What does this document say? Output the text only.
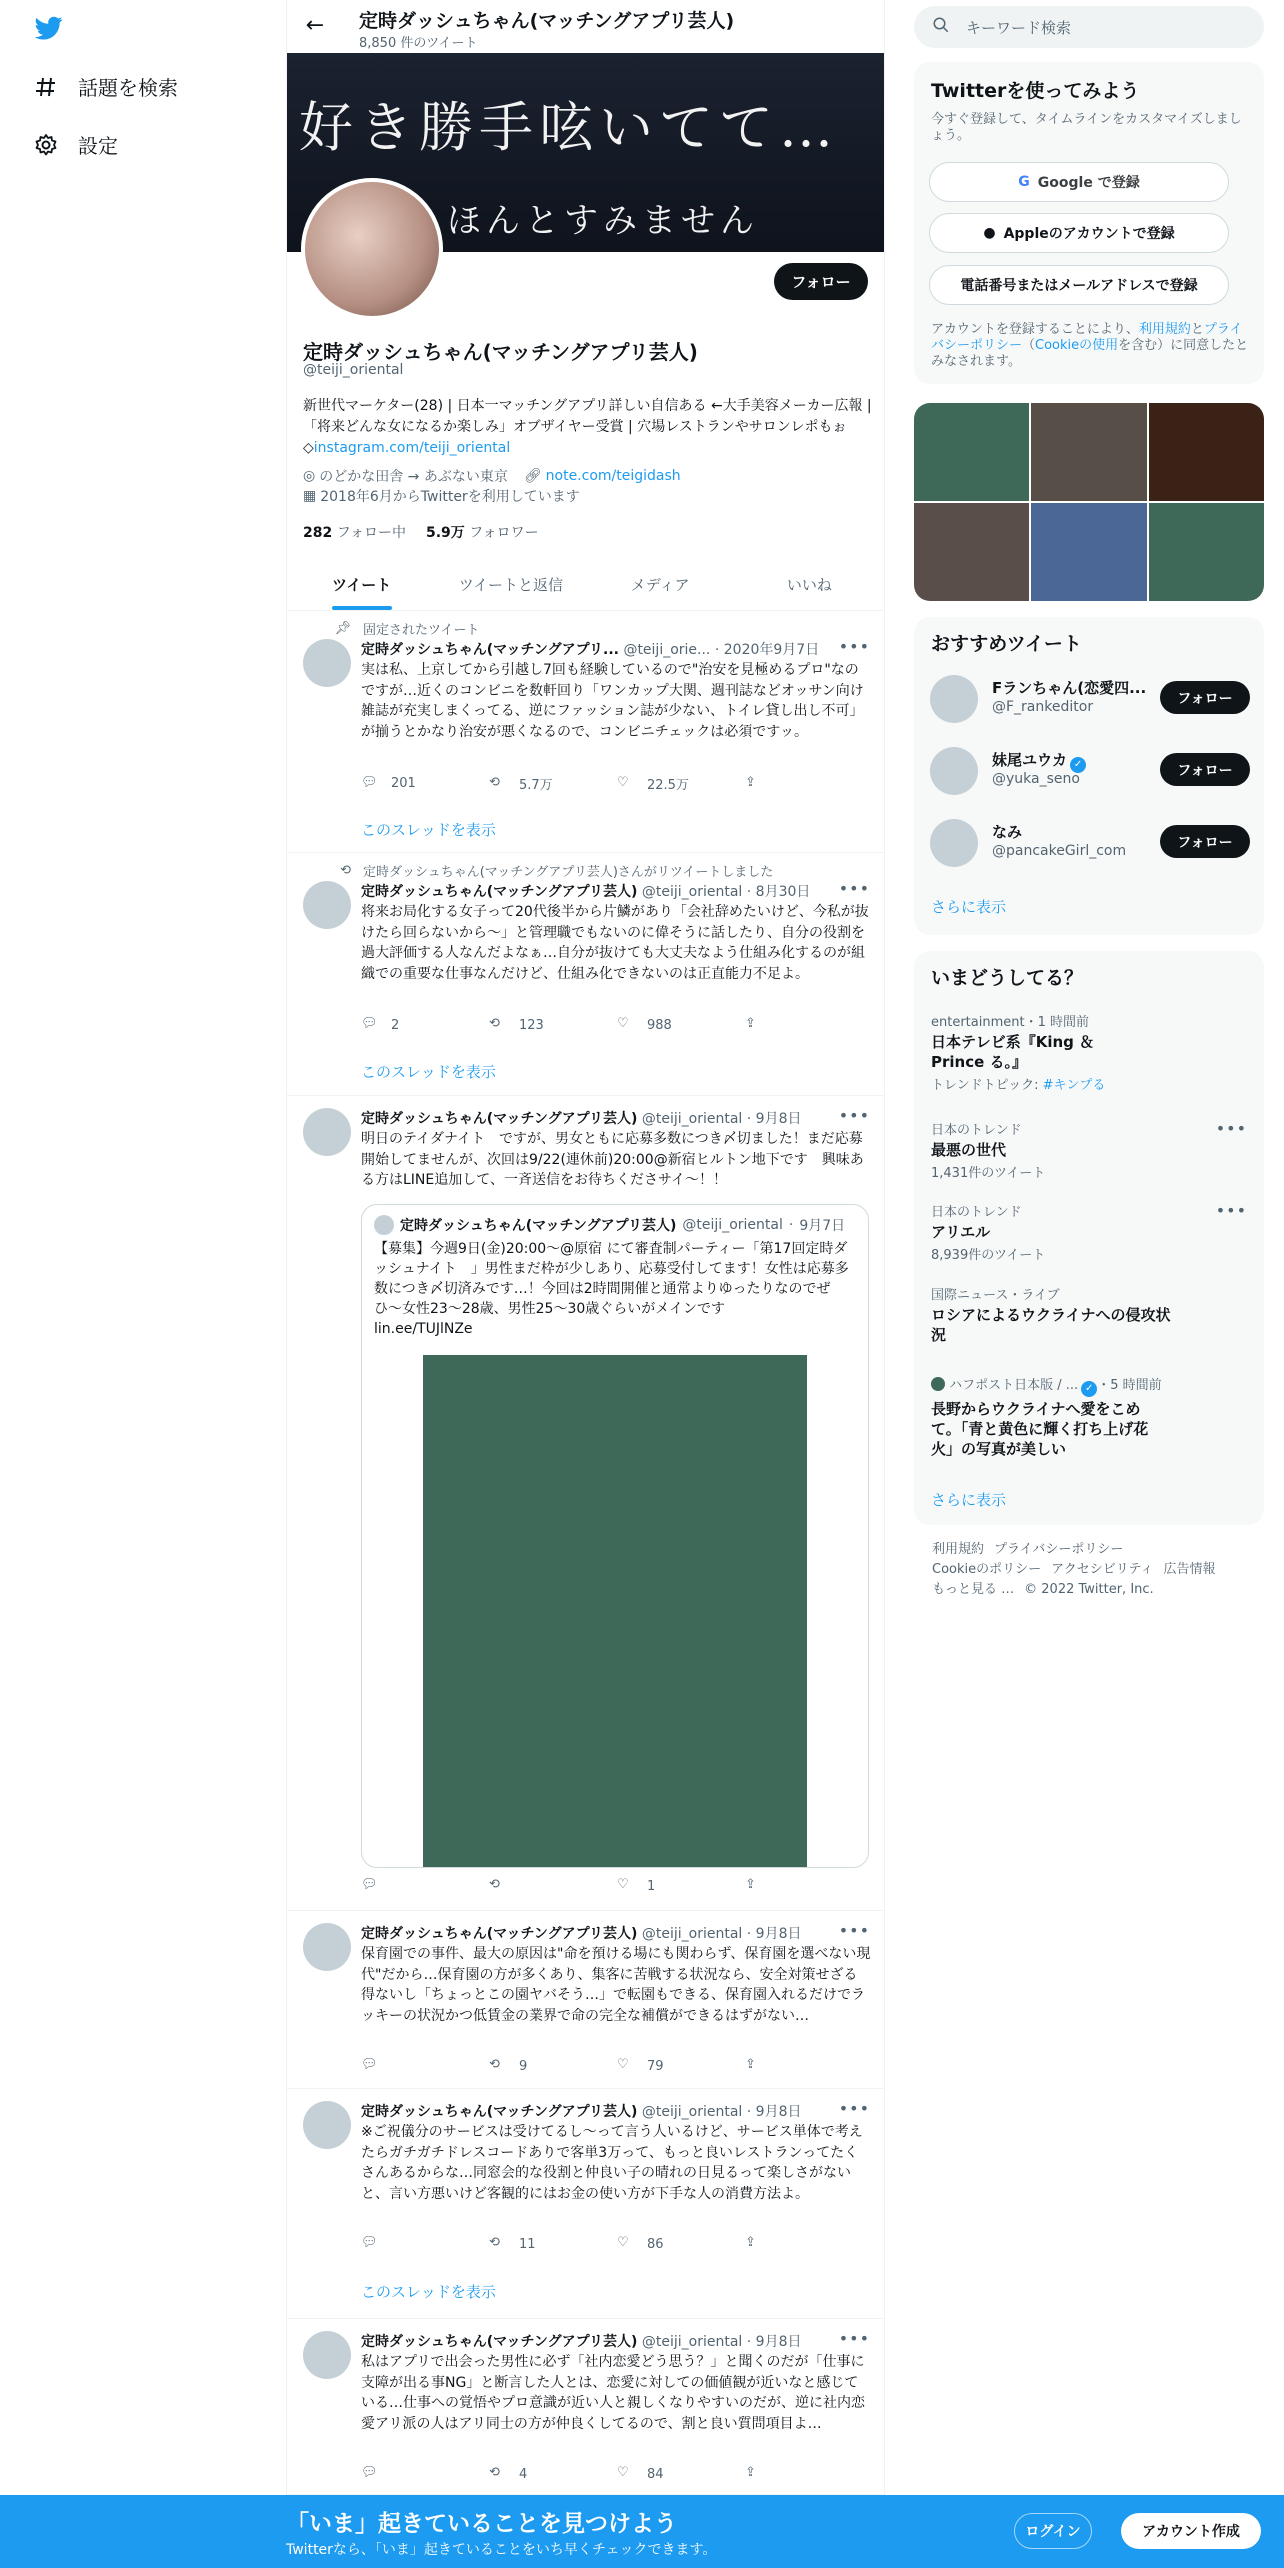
話題を検索
設定
← 定時ダッシュちゃん(マッチングアプリ芸人)
8,850 件のツイート
好き勝手呟いてて…
ほんとすみません
フォロー
定時ダッシュちゃん(マッチングアプリ芸人)
@teiji_oriental
新世代マーケター(28) | 日本一マッチングアプリ詳しい自信ある ←大手美容メーカー広報 | 「将来どんな女になるか楽しみ」オブザイヤー受賞 | 穴場レストランやサロンレポもぉ ◇instagram.com/teiji_oriental
◎ のどかな田舎 → あぶない東京 🔗︎ note.com/teigidash
▦ 2018年6月からTwitterを利用しています
282 フォロー中 5.9万 フォロワー
ツイート	ツイートと返信	メディア	いいね
📌︎ 固定されたツイート
定時ダッシュちゃん(マッチングアプリ... @teiji_orie... · 2020年9月7日	•••
実は私、上京してから引越し7回も経験しているので"治安を見極めるプロ"なのですが…近くのコンビニを数軒回り「ワンカップ大関、週刊誌などオッサン向け雑誌が充実しまくってる、逆にファッション誌が少ない、トイレ貸し出し不可」が揃うとかなり治安が悪くなるので、コンビニチェックは必須ですッ。
💬︎ 201	⟲	5.7万	♡	22.5万	⇪
このスレッドを表示
⟲ 定時ダッシュちゃん(マッチングアプリ芸人)さんがリツイートしました
定時ダッシュちゃん(マッチングアプリ芸人) @teiji_oriental · 8月30日	•••
将来お局化する女子って20代後半から片鱗があり「会社辞めたいけど、今私が抜けたら回らないから〜」と管理職でもないのに偉そうに話したり、自分の役割を過大評価する人なんだよなぁ…自分が抜けても大丈夫なよう仕組み化するのが組織での重要な仕事なんだけど、仕組み化できないのは正直能力不足よ。
💬︎ 2	⟲	123	♡	988	⇪
このスレッドを表示
定時ダッシュちゃん(マッチングアプリ芸人) @teiji_oriental · 9月8日	•••
明日のテイダナイト　ですが、男女ともに応募多数につき〆切ました！まだ応募開始してませんが、次回は9/22(連休前)20:00@新宿ヒルトン地下です　興味ある方はLINE追加して、一斉送信をお待ちくださサイ〜！！
定時ダッシュちゃん(マッチングアプリ芸人) @teiji_oriental · 9月7日
【募集】今週9日(金)20:00〜@原宿 にて審査制パーティー「第17回定時ダッシュナイト　」男性まだ枠が少しあり、応募受付してます！女性は応募多数につき〆切済みです…！今回は2時間開催と通常よりゆったりなのでぜひ〜女性23〜28歳、男性25〜30歳ぐらいがメインです
lin.ee/TUJlNZe
💬︎	⟲	♡	1	⇪
定時ダッシュちゃん(マッチングアプリ芸人) @teiji_oriental · 9月8日	•••
保育園での事件、最大の原因は"命を預ける場にも関わらず、保育園を選べない現代"だから…保育園の方が多くあり、集客に苦戦する状況なら、安全対策せざる得ないし「ちょっとこの園ヤバそう…」で転園もできる、保育園入れるだけでラッキーの状況かつ低賃金の業界で命の完全な補償ができるはずがない…
💬︎	⟲	9	♡	79	⇪
定時ダッシュちゃん(マッチングアプリ芸人) @teiji_oriental · 9月8日	•••
※ご祝儀分のサービスは受けてるし〜って言う人いるけど、サービス単体で考えたらガチガチドレスコードありで客単3万って、もっと良いレストランってたくさんあるからな…同窓会的な役割と仲良い子の晴れの日見るって楽しさがないと、言い方悪いけど客観的にはお金の使い方が下手な人の消費方法よ。
💬︎	⟲	11	♡	86	⇪
このスレッドを表示
定時ダッシュちゃん(マッチングアプリ芸人) @teiji_oriental · 9月8日	•••
私はアプリで出会った男性に必ず「社内恋愛どう思う？」と聞くのだが「仕事に支障が出る事NG」と断言した人とは、恋愛に対しての価値観が近いなと感じている…仕事への覚悟やプロ意識が近い人と親しくなりやすいのだが、逆に社内恋愛アリ派の人はアリ同士の方が仲良くしてるので、割と良い質問項目よ…
💬︎	⟲	4	♡	84	⇪
キーワード検索
Twitterを使ってみよう
今すぐ登録して、タイムラインをカスタマイズしましょう。
G Google で登録
● Appleのアカウントで登録
電話番号またはメールアドレスで登録
アカウントを登録することにより、利用規約とプライバシーポリシー（Cookieの使用を含む）に同意したとみなされます。
おすすめツイート
Fランちゃん(恋愛四...
@F_rankeditor
フォロー
妹尾ユウカ ✓
@yuka_seno
フォロー
なみ
@pancakeGirl_com
フォロー
さらに表示
いまどうしてる？
entertainment・1 時間前
日本テレビ系『King ＆ Prince る。』
トレンドトピック: #キンプる
日本のトレンド
最悪の世代
1,431件のツイート
•••
日本のトレンド
アリエル
8,939件のツイート
•••
国際ニュース・ライブ
ロシアによるウクライナへの侵攻状況
ハフポスト日本版 / ... ✓ ・5 時間前
長野からウクライナへ愛をこめて。「青と黄色に輝く打ち上げ花火」の写真が美しい
さらに表示
利用規約 プライバシーポリシー
Cookieのポリシー アクセシビリティ 広告情報
もっと見る … © 2022 Twitter, Inc.
「いま」起きていることを見つけよう
Twitterなら、「いま」起きていることをいち早くチェックできます。
ログイン	アカウント作成
